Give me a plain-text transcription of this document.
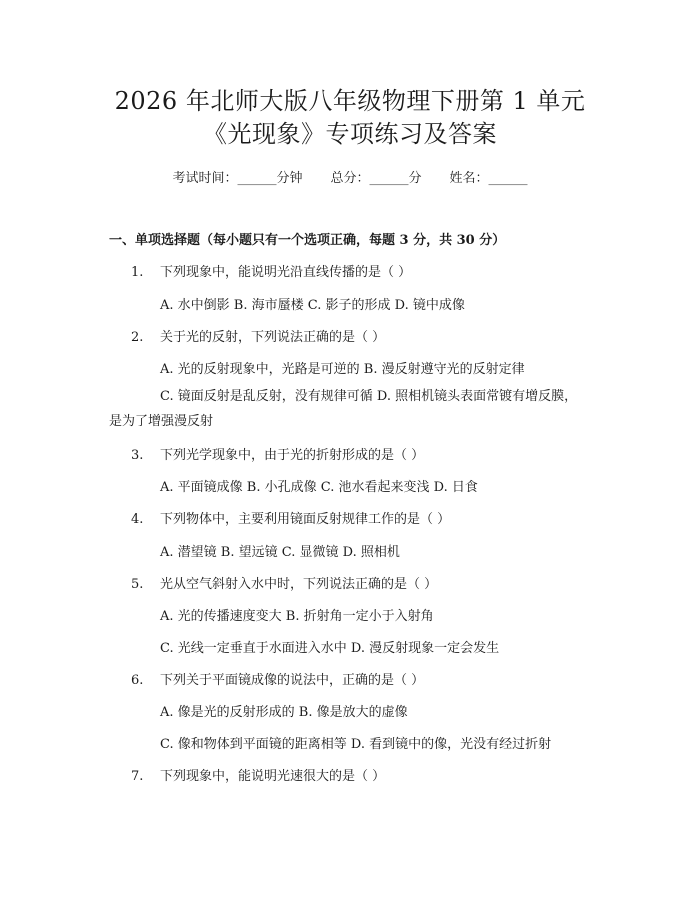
2026 年北师大版八年级物理下册第 1 单元
《光现象》专项练习及答案
考试时间：______分钟 总分：______分 姓名：______
一、单项选择题（每小题只有一个选项正确，每题 3 分，共 30 分）
1. 下列现象中，能说明光沿直线传播的是（ ）
A. 水中倒影 B. 海市蜃楼 C. 影子的形成 D. 镜中成像
2. 关于光的反射，下列说法正确的是（ ）
A. 光的反射现象中，光路是可逆的 B. 漫反射遵守光的反射定律
C. 镜面反射是乱反射，没有规律可循 D. 照相机镜头表面常镀有增反膜，是为了增强漫反射
3. 下列光学现象中，由于光的折射形成的是（ ）
A. 平面镜成像 B. 小孔成像 C. 池水看起来变浅 D. 日食
4. 下列物体中，主要利用镜面反射规律工作的是（ ）
A. 潜望镜 B. 望远镜 C. 显微镜 D. 照相机
5. 光从空气斜射入水中时，下列说法正确的是（ ）
A. 光的传播速度变大 B. 折射角一定小于入射角
C. 光线一定垂直于水面进入水中 D. 漫反射现象一定会发生
6. 下列关于平面镜成像的说法中，正确的是（ ）
A. 像是光的反射形成的 B. 像是放大的虚像
C. 像和物体到平面镜的距离相等 D. 看到镜中的像，光没有经过折射
7. 下列现象中，能说明光速很大的是（ ）
